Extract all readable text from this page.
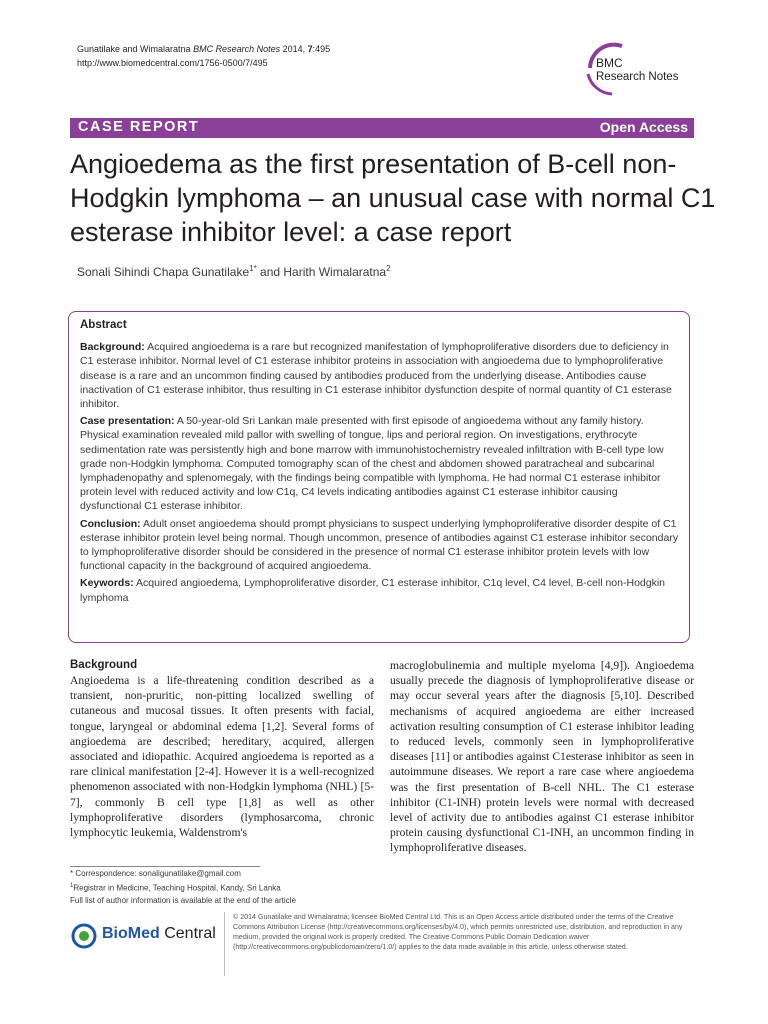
Gunatilake and Wimalaratna BMC Research Notes 2014, 7:495
http://www.biomedcentral.com/1756-0500/7/495	BMC
Research Notes
CASE REPORT	Open Access
Angioedema as the first presentation of B-cell non-Hodgkin lymphoma – an unusual case with normal C1 esterase inhibitor level: a case report
Sonali Sihindi Chapa Gunatilake$^{1*}$ and Harith Wimalaratna$^2$
Abstract

Background: Acquired angioedema is a rare but recognized manifestation of lymphoproliferative disorders due to deficiency in C1 esterase inhibitor. Normal level of C1 esterase inhibitor proteins in association with angioedema due to lymphoproliferative disease is a rare and an uncommon finding caused by antibodies produced from the underlying disease. Antibodies cause inactivation of C1 esterase inhibitor, thus resulting in C1 esterase inhibitor dysfunction despite of normal quantity of C1 esterase inhibitor.

Case presentation: A 50-year-old Sri Lankan male presented with first episode of angioedema without any family history. Physical examination revealed mild pallor with swelling of tongue, lips and perioral region. On investigations, erythrocyte sedimentation rate was persistently high and bone marrow with immunohistochemistry revealed infiltration with B-cell type low grade non-Hodgkin lymphoma. Computed tomography scan of the chest and abdomen showed paratracheal and subcarinal lymphadenopathy and splenomegaly, with the findings being compatible with lymphoma. He had normal C1 esterase inhibitor protein level with reduced activity and low C1q, C4 levels indicating antibodies against C1 esterase inhibitor causing dysfunctional C1 esterase inhibitor.

Conclusion: Adult onset angioedema should prompt physicians to suspect underlying lymphoproliferative disorder despite of C1 esterase inhibitor protein level being normal. Though uncommon, presence of antibodies against C1 esterase inhibitor secondary to lymphoproliferative disorder should be considered in the presence of normal C1 esterase inhibitor protein levels with low functional capacity in the background of acquired angioedema.

Keywords: Acquired angioedema, Lymphoproliferative disorder, C1 esterase inhibitor, C1q level, C4 level, B-cell non-Hodgkin lymphoma

Background

Angioedema is a life-threatening condition described as a transient, non-pruritic, non-pitting localized swelling of cutaneous and mucosal tissues. It often presents with facial, tongue, laryngeal or abdominal edema [1,2]. Several forms of angioedema are described; hereditary, acquired, allergen associated and idiopathic. Acquired angioedema is reported as a rare clinical manifestation [2-4]. However it is a well-recognized phenomenon associated with non-Hodgkin lymphoma (NHL) [5-7], commonly B cell type [1,8] as well as other lymphoproliferative disorders (lymphosarcoma, chronic lymphocytic leukemia, Waldenstrom's

macroglobulinemia and multiple myeloma [4,9]). Angioedema usually precede the diagnosis of lymphoproliferative disease or may occur several years after the diagnosis [5,10]. Described mechanisms of acquired angioedema are either increased activation resulting consumption of C1 esterase inhibitor leading to reduced levels, commonly seen in lymphoproliferative diseases [11] or antibodies against C1esterase inhibitor as seen in autoimmune diseases. We report a rare case where angioedema was the first presentation of B-cell NHL. The C1 esterase inhibitor (C1-INH) protein levels were normal with decreased level of activity due to antibodies against C1 esterase inhibitor protein causing dysfunctional C1-INH, an uncommon finding in lymphoproliferative diseases.

* Correspondence: sonaligunatilake@gmail.com
$^1$Registrar in Medicine, Teaching Hospital, Kandy, Sri Lanka
Full list of author information is available at the end of the article
BioMed Central
© 2014 Gunatilake and Wimalaratna; licensee BioMed Central Ltd. This is an Open Access article distributed under the terms of the Creative Commons Attribution License (http://creativecommons.org/licenses/by/4.0), which permits unrestricted use, distribution, and reproduction in any medium, provided the original work is properly credited. The Creative Commons Public Domain Dedication waiver (http://creativecommons.org/publicdomain/zero/1.0/) applies to the data made available in this article, unless otherwise stated.
